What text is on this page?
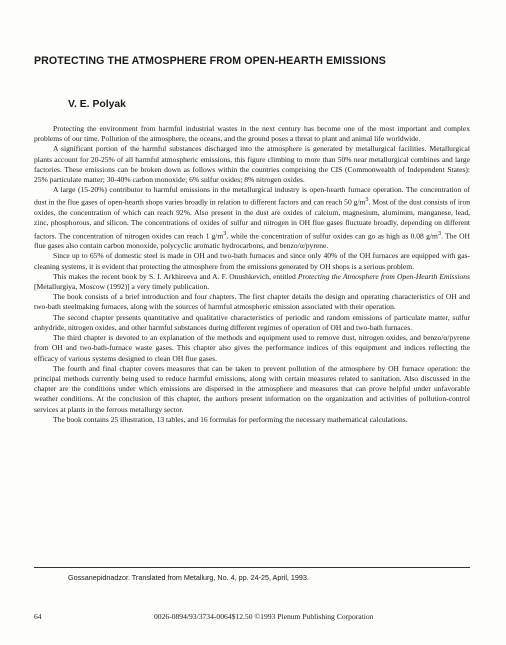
PROTECTING THE ATMOSPHERE FROM OPEN-HEARTH EMISSIONS
V. E. Polyak

Protecting the environment from harmful industrial wastes in the next century has become one of the most important and complex problems of our time. Pollution of the atmosphere, the oceans, and the ground poses a threat to plant and animal life worldwide.

A significant portion of the harmful substances discharged into the atmosphere is generated by metallurgical facilities. Metallurgical plants account for 20-25% of all harmful atmospheric emissions, this figure climbing to more than 50% near metallurgical combines and large factories. These emissions can be broken down as follows within the countries comprising the CIS (Commonwealth of Independent States): 25% particulate matter; 30-40% carbon monoxide; 6% sulfur oxides; 8% nitrogen oxides.

A large (15-20%) contributor to harmful emissions in the metallurgical industry is open-hearth furnace operation. The concentration of dust in the flue gases of open-hearth shops varies broadly in relation to different factors and can reach 50 $g/m^3$. Most of the dust consists of iron oxides, the concentration of which can reach 92%. Also present in the dust are oxides of calcium, magnesium, aluminum, manganese, lead, zinc, phosphorous, and silicon. The concentrations of oxides of sulfur and nitrogen in OH flue gases fluctuate broadly, depending on different factors. The concentration of nitrogen oxides can reach 1 $g/m^3$, while the concentration of sulfur oxides can go as high as 0.08 $g/m^3$. The OH flue gases also contain carbon monoxide, polycyclic aromatic hydrocarbons, and benzo/α/pyrene.

Since up to 65% of domestic steel is made in OH and two-bath furnaces and since only 40% of the OH furnaces are equipped with gas-cleaning systems, it is evident that protecting the atmosphere from the emissions generated by OH shops is a serious problem.

This makes the recent book by S. I. Arkhireeva and A. F. Onushkevich, entitled Protecting the Atmosphere from Open-Hearth Emissions [Metallurgiya, Moscow (1992)] a very timely publication.

The book consists of a brief introduction and four chapters. The first chapter details the design and operating characteristics of OH and two-bath steelmaking furnaces, along with the sources of harmful atmospheric emission associated with their operation.

The second chapter presents quantitative and qualitative characteristics of periodic and random emissions of particulate matter, sulfur anhydride, nitrogen oxides, and other harmful substances during different regimes of operation of OH and two-bath furnaces.

The third chapter is devoted to an explanation of the methods and equipment used to remove dust, nitrogen oxides, and benzo/α/pyrene from OH and two-bath-furnace waste gases. This chapter also gives the performance indices of this equipment and indices reflecting the efficacy of various systems designed to clean OH flue gases.

The fourth and final chapter covers measures that can be taken to prevent pollution of the atmosphere by OH furnace operation: the principal methods currently being used to reduce harmful emissions, along with certain measures related to sanitation. Also discussed in the chapter are the conditions under which emissions are dispersed in the atmosphere and measures that can prove helpful under unfavorable weather conditions. At the conclusion of this chapter, the authors present information on the organization and activities of pollution-control services at plants in the ferrous metallurgy sector.

The book contains 25 illustration, 13 tables, and 16 formulas for performing the necessary mathematical calculations.

Gossanepidnadzor. Translated from Metallurg, No. 4, pp. 24-25, April, 1993.
64	0026-0894/93/3734-0064$12.50 ©1993 Plenum Publishing Corporation
